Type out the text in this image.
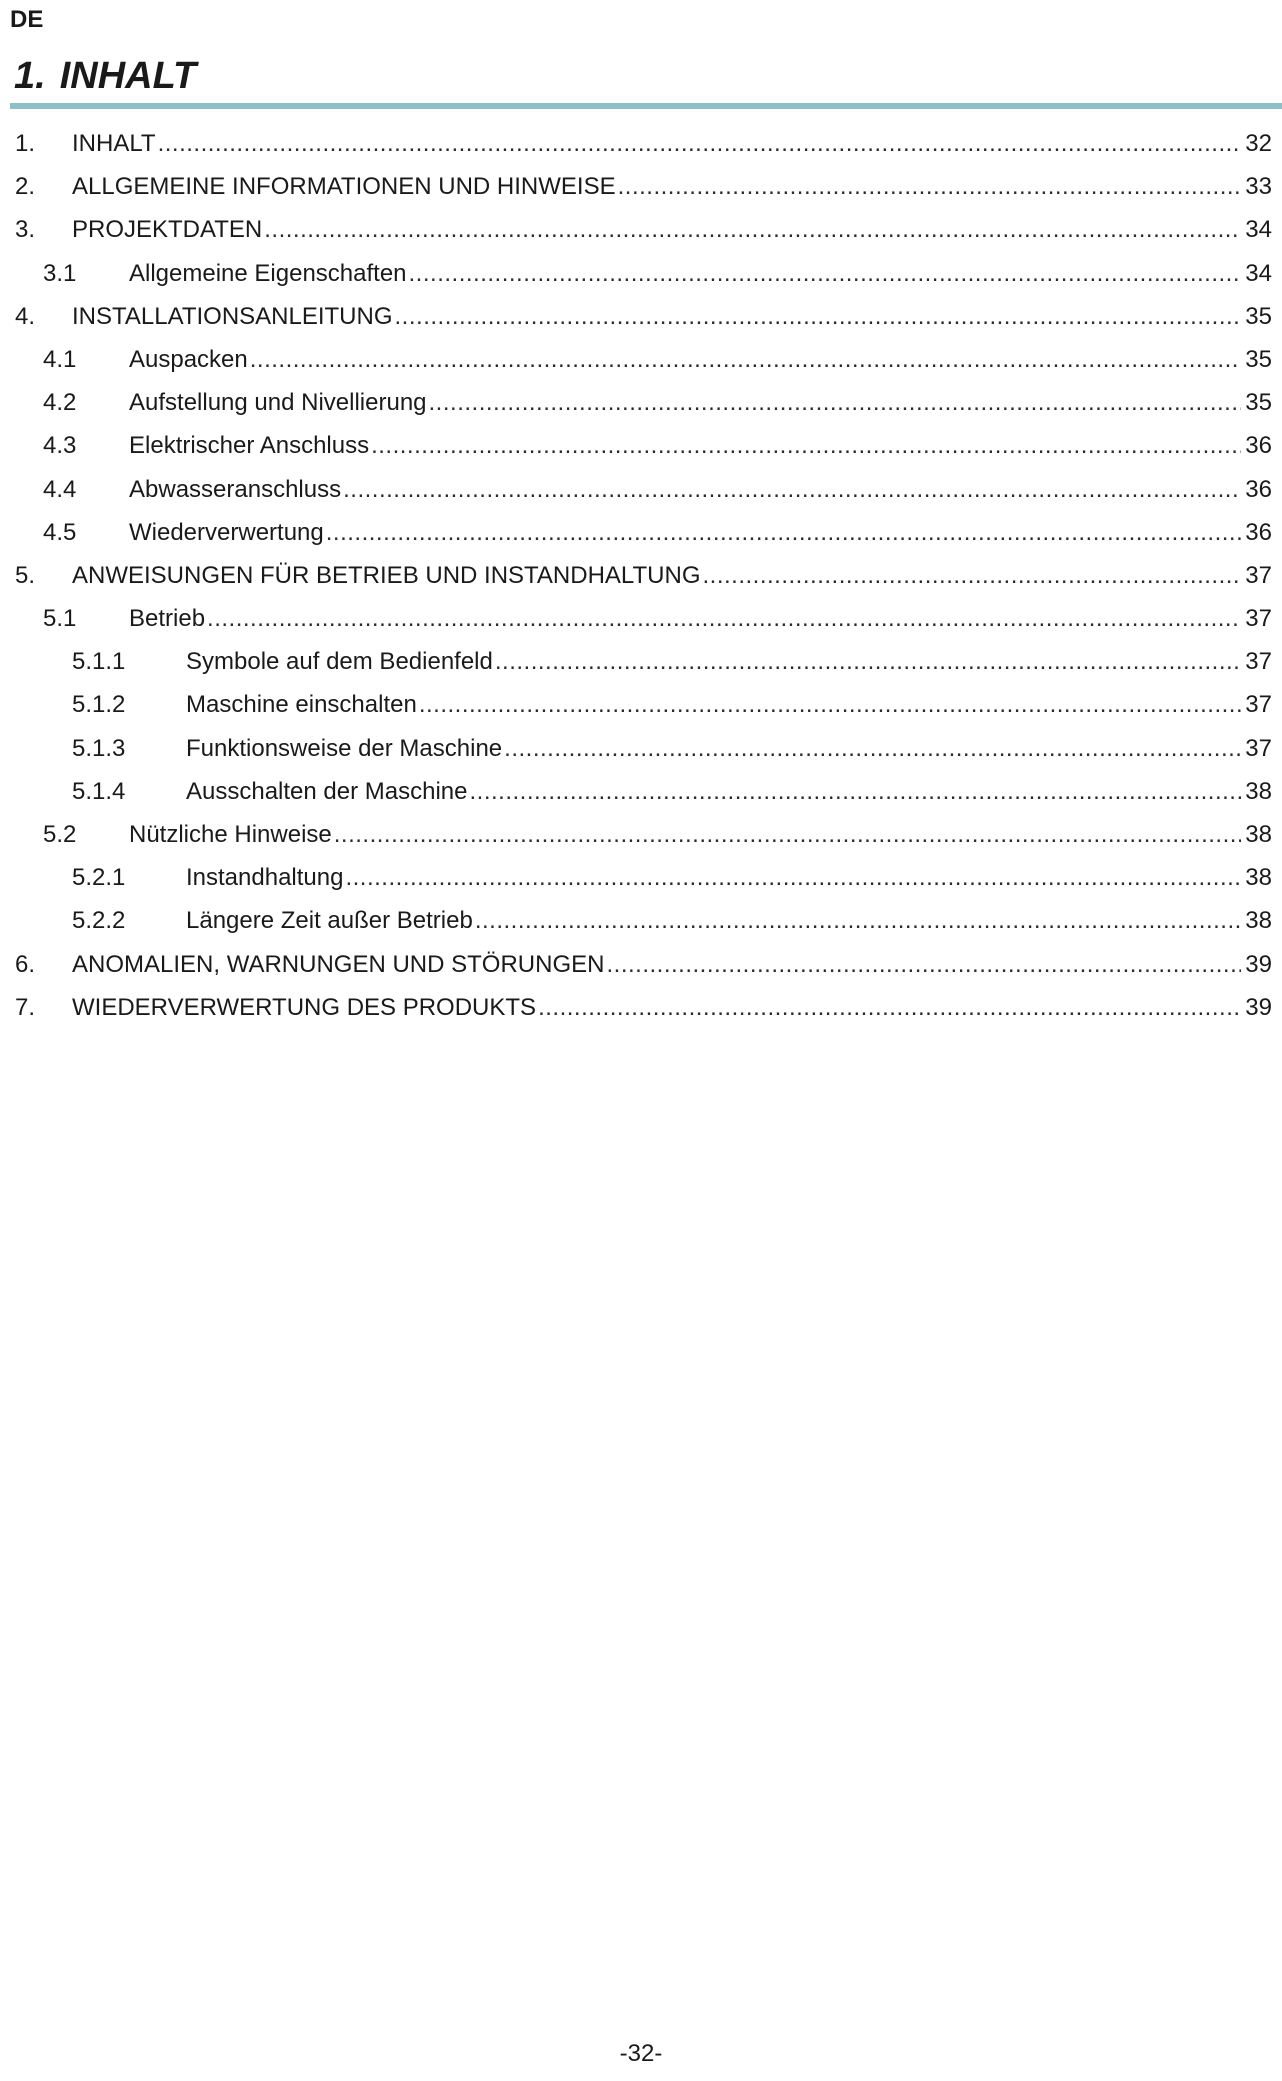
DE
1. INHALT
1. INHALT .....	32
2. ALLGEMEINE INFORMATIONEN UND HINWEISE .....	33
3. PROJEKTDATEN .....	34
3.1 Allgemeine Eigenschaften .....	34
4. INSTALLATIONSANLEITUNG .....	35
4.1 Auspacken .....	35
4.2 Aufstellung und Nivellierung .....	35
4.3 Elektrischer Anschluss .....	36
4.4 Abwasseranschluss .....	36
4.5 Wiederverwertung .....	36
5. ANWEISUNGEN FÜR BETRIEB UND INSTANDHALTUNG .....	37
5.1 Betrieb .....	37
5.1.1	Symbole auf dem Bedienfeld .....	37
5.1.2	Maschine einschalten .....	37
5.1.3	Funktionsweise der Maschine .....	37
5.1.4	Ausschalten der Maschine .....	38
5.2 Nützliche Hinweise .....	38
5.2.1	Instandhaltung .....	38
5.2.2	Längere Zeit außer Betrieb .....	38
6. ANOMALIEN, WARNUNGEN UND STÖRUNGEN .....	39
7. WIEDERVERWERTUNG DES PRODUKTS .....	39
-32-
